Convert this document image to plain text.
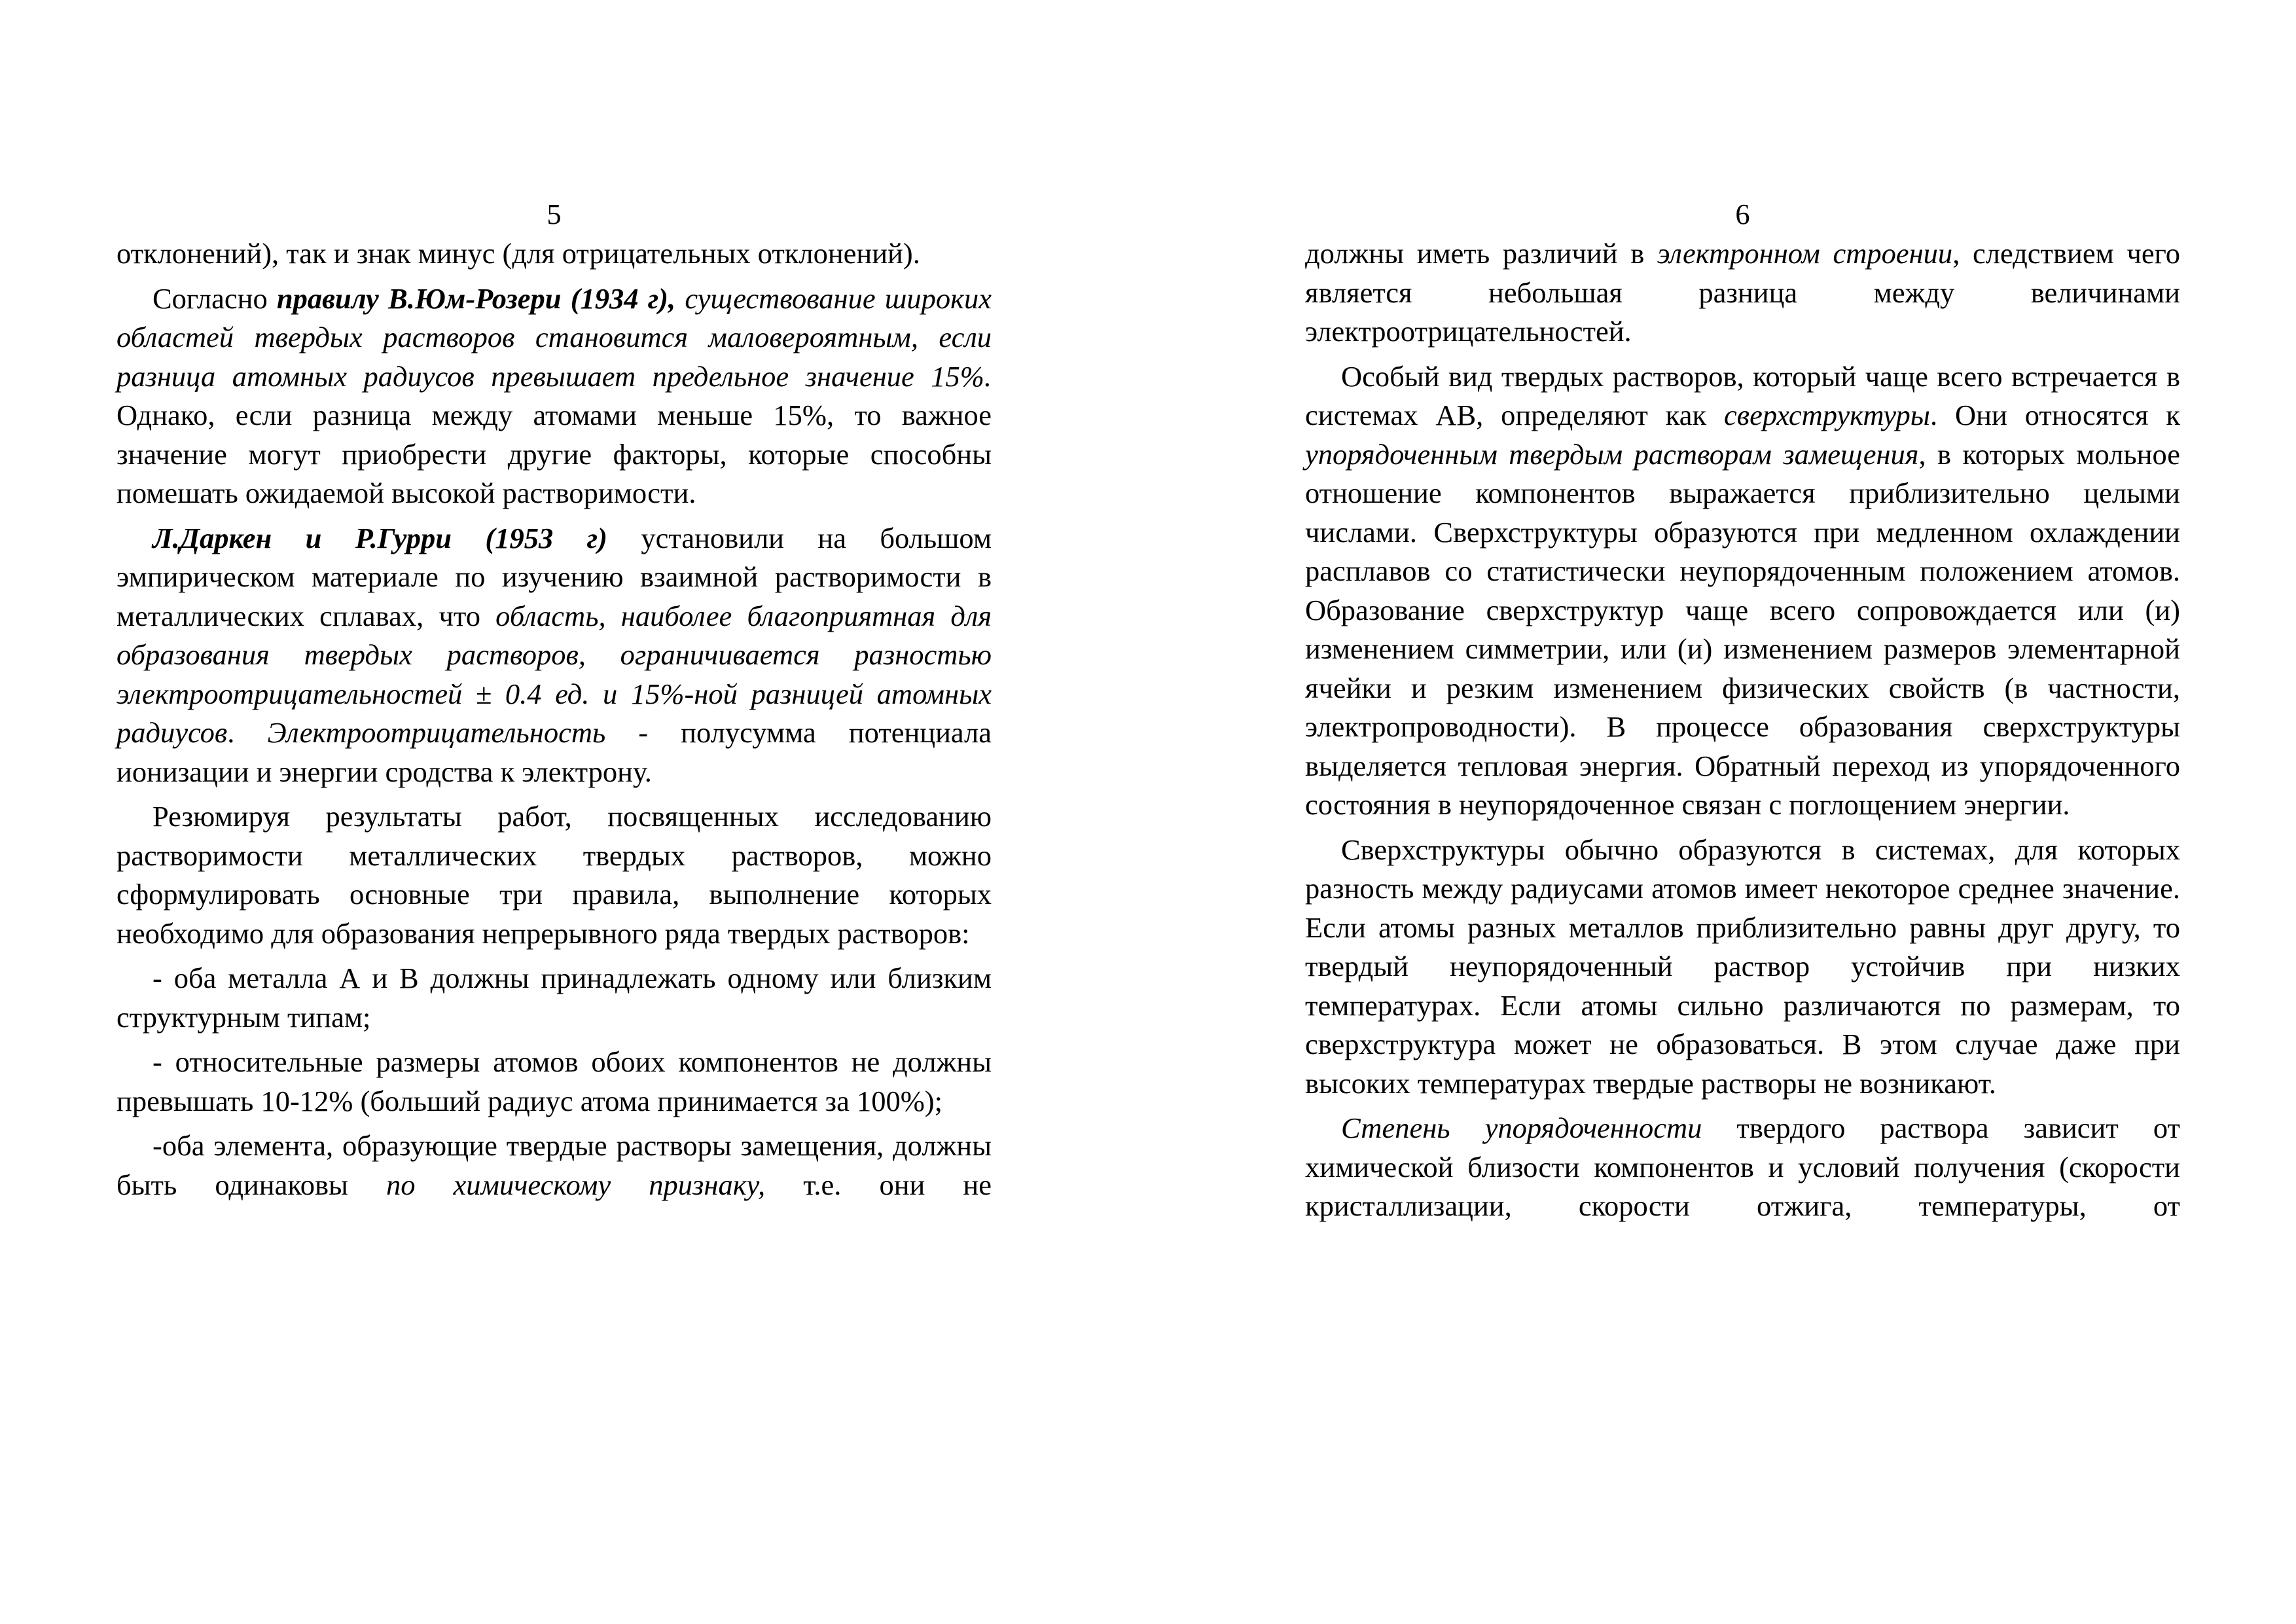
5

отклонений), так и знак минус (для отрицательных отклонений).

Согласно правилу В.Юм-Розери (1934 г), существование широких областей твердых растворов становится маловероятным, если разница атомных радиусов превышает предельное значение 15%. Однако, если разница между атомами меньше 15%, то важное значение могут приобрести другие факторы, которые способны помешать ожидаемой высокой растворимости.

Л.Даркен и Р.Гурри (1953 г) установили на большом эмпирическом материале по изучению взаимной растворимости в металлических сплавах, что область, наиболее благоприятная для образования твердых растворов, ограничивается разностью электроотрицательностей ± 0.4 ед. и 15%-ной разницей атомных радиусов. Электроотрицательность - полусумма потенциала ионизации и энергии сродства к электрону.

Резюмируя результаты работ, посвященных исследованию растворимости металлических твердых растворов, можно сформулировать основные три правила, выполнение которых необходимо для образования непрерывного ряда твердых растворов:

- оба металла А и В должны принадлежать одному или близким структурным типам;

- относительные размеры атомов обоих компонентов не должны превышать 10-12% (больший радиус атома принимается за 100%);

-оба элемента, образующие твердые растворы замещения, должны быть одинаковы по химическому признаку, т.е. они не

6

должны иметь различий в электронном строении, следствием чего является небольшая разница между величинами электроотрицательностей.

Особый вид твердых растворов, который чаще всего встречается в системах АВ, определяют как сверхструктуры. Они относятся к упорядоченным твердым растворам замещения, в которых мольное отношение компонентов выражается приблизительно целыми числами. Сверхструктуры образуются при медленном охлаждении расплавов со статистически неупорядоченным положением атомов. Образование сверхструктур чаще всего сопровождается или (и) изменением симметрии, или (и) изменением размеров элементарной ячейки и резким изменением физических свойств (в частности, электропроводности). В процессе образования сверхструктуры выделяется тепловая энергия. Обратный переход из упорядоченного состояния в неупорядоченное связан с поглощением энергии.

Сверхструктуры обычно образуются в системах, для которых разность между радиусами атомов имеет некоторое среднее значение. Если атомы разных металлов приблизительно равны друг другу, то твердый неупорядоченный раствор устойчив при низких температурах. Если атомы сильно различаются по размерам, то сверхструктура может не образоваться. В этом случае даже при высоких температурах твердые растворы не возникают.

Степень упорядоченности твердого раствора зависит от химической близости компонентов и условий получения (скорости кристаллизации, скорости отжига, температуры, от
